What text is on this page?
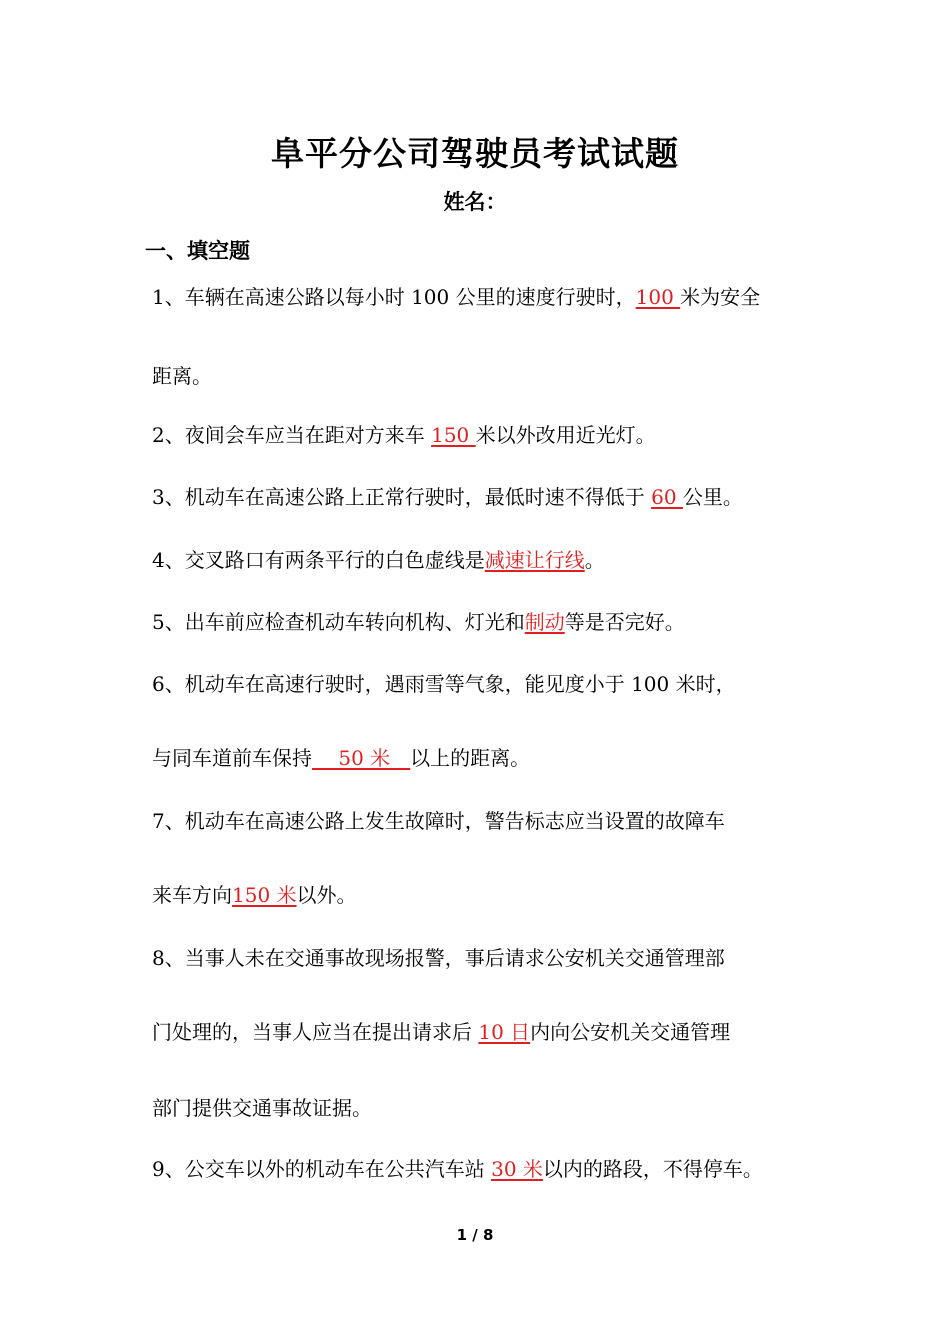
阜平分公司驾驶员考试试题
姓名：
一、填空题
1、车辆在高速公路以每小时 100 公里的速度行驶时，100 米为安全
距离。
2、夜间会车应当在距对方来车 150 米以外改用近光灯。
3、机动车在高速公路上正常行驶时，最低时速不得低于 60 公里。
4、交叉路口有两条平行的白色虚线是减速让行线。
5、出车前应检查机动车转向机构、灯光和制动等是否完好。
6、机动车在高速行驶时，遇雨雪等气象，能见度小于 100 米时，
与同车道前车保持__ 50 米__以上的距离。
7、机动车在高速公路上发生故障时，警告标志应当设置的故障车
来车方向150 米以外。
8、当事人未在交通事故现场报警，事后请求公安机关交通管理部
门处理的，当事人应当在提出请求后 10 日内向公安机关交通管理
部门提供交通事故证据。
9、公交车以外的机动车在公共汽车站 30 米以内的路段，不得停车。
1 / 8
